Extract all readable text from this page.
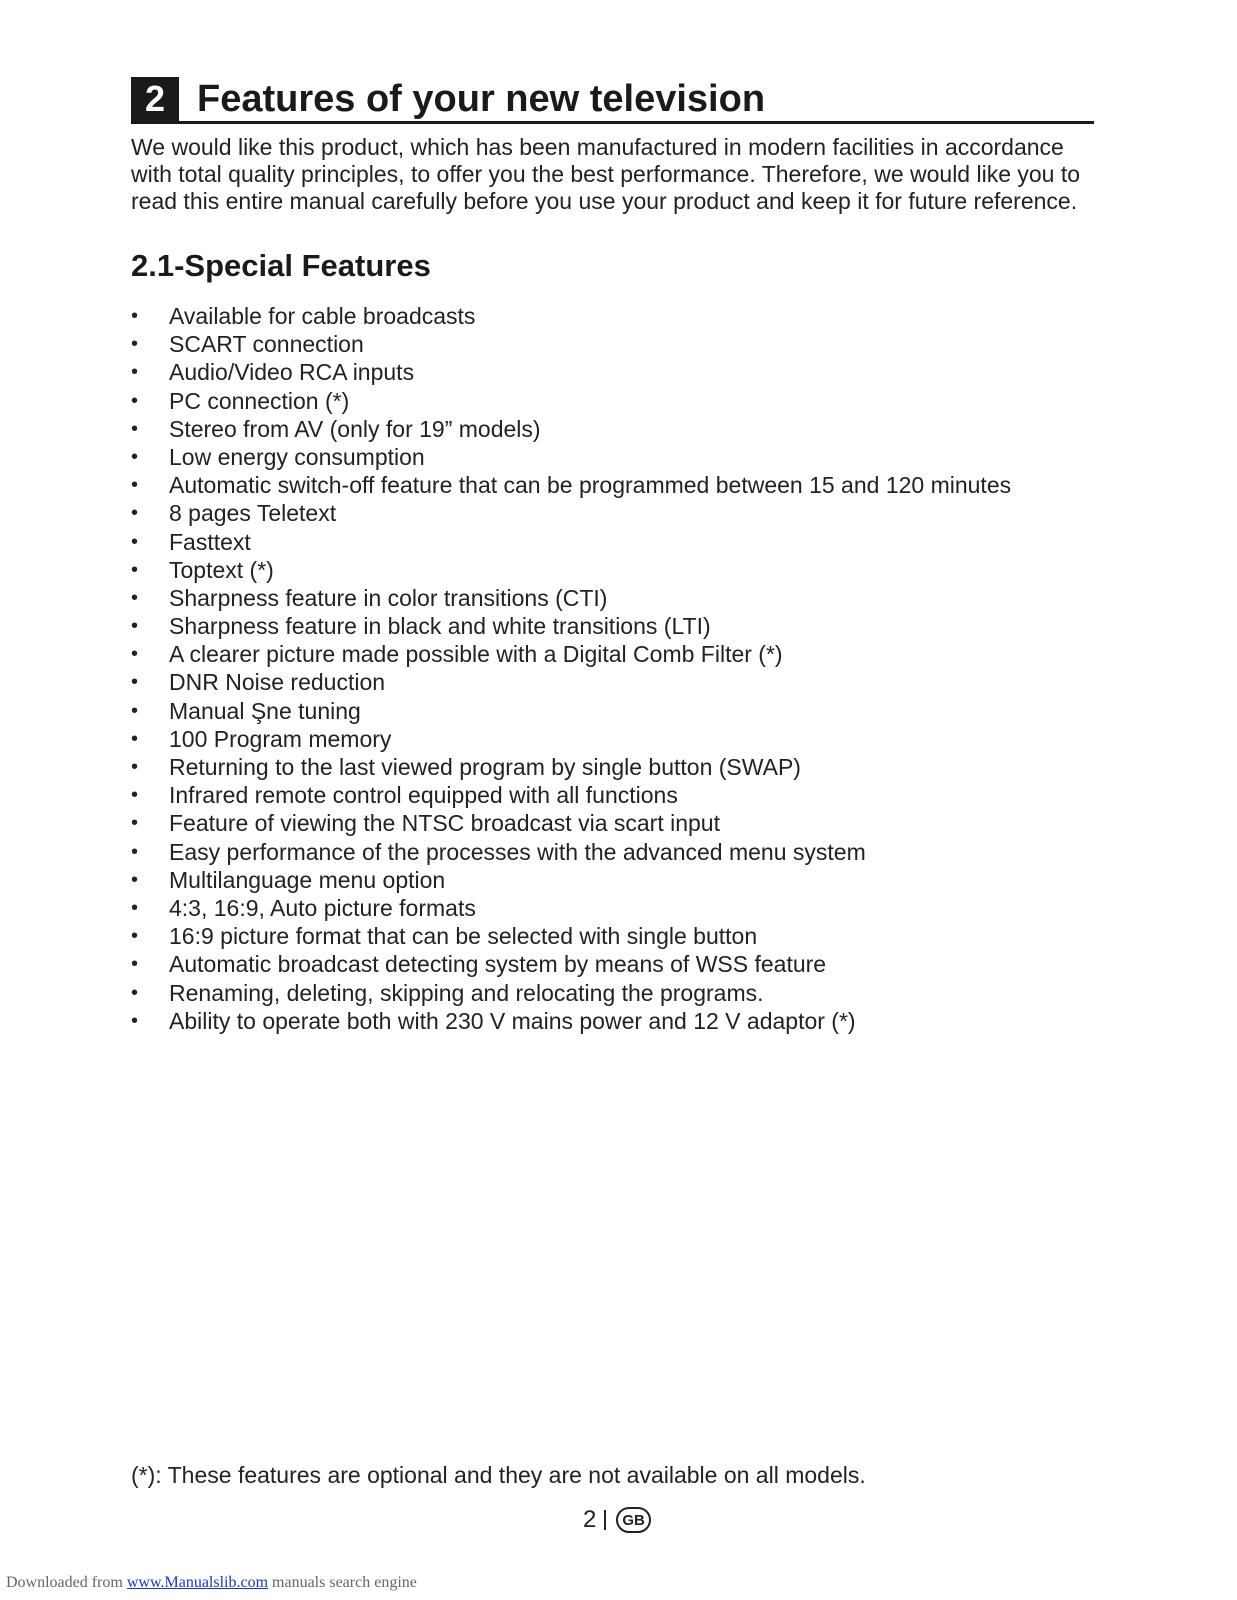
2 Features of your new television
We would like this product, which has been manufactured in modern facilities in accordance
with total quality principles, to offer you the best performance. Therefore, we would like you to
read this entire manual carefully before you use your product and keep it for future reference.
2.1-Special Features
• Available for cable broadcasts
• SCART connection
• Audio/Video RCA inputs
• PC connection (*)
• Stereo from AV (only for 19” models)
• Low energy consumption
• Automatic switch-off feature that can be programmed between 15 and 120 minutes
• 8 pages Teletext
• Fasttext
• Toptext (*)
• Sharpness feature in color transitions (CTI)
• Sharpness feature in black and white transitions (LTI)
• A clearer picture made possible with a Digital Comb Filter (*)
• DNR Noise reduction
• Manual Şne tuning
• 100 Program memory
• Returning to the last viewed program by single button (SWAP)
• Infrared remote control equipped with all functions
• Feature of viewing the NTSC broadcast via scart input
• Easy performance of the processes with the advanced menu system
• Multilanguage menu option
• 4:3, 16:9, Auto picture formats
• 16:9 picture format that can be selected with single button
• Automatic broadcast detecting system by means of WSS feature
• Renaming, deleting, skipping and relocating the programs.
• Ability to operate both with 230 V mains power and 12 V adaptor (*)
(*): These features are optional and they are not available on all models.
2	GB
Downloaded from www.Manualslib.com manuals search engine
